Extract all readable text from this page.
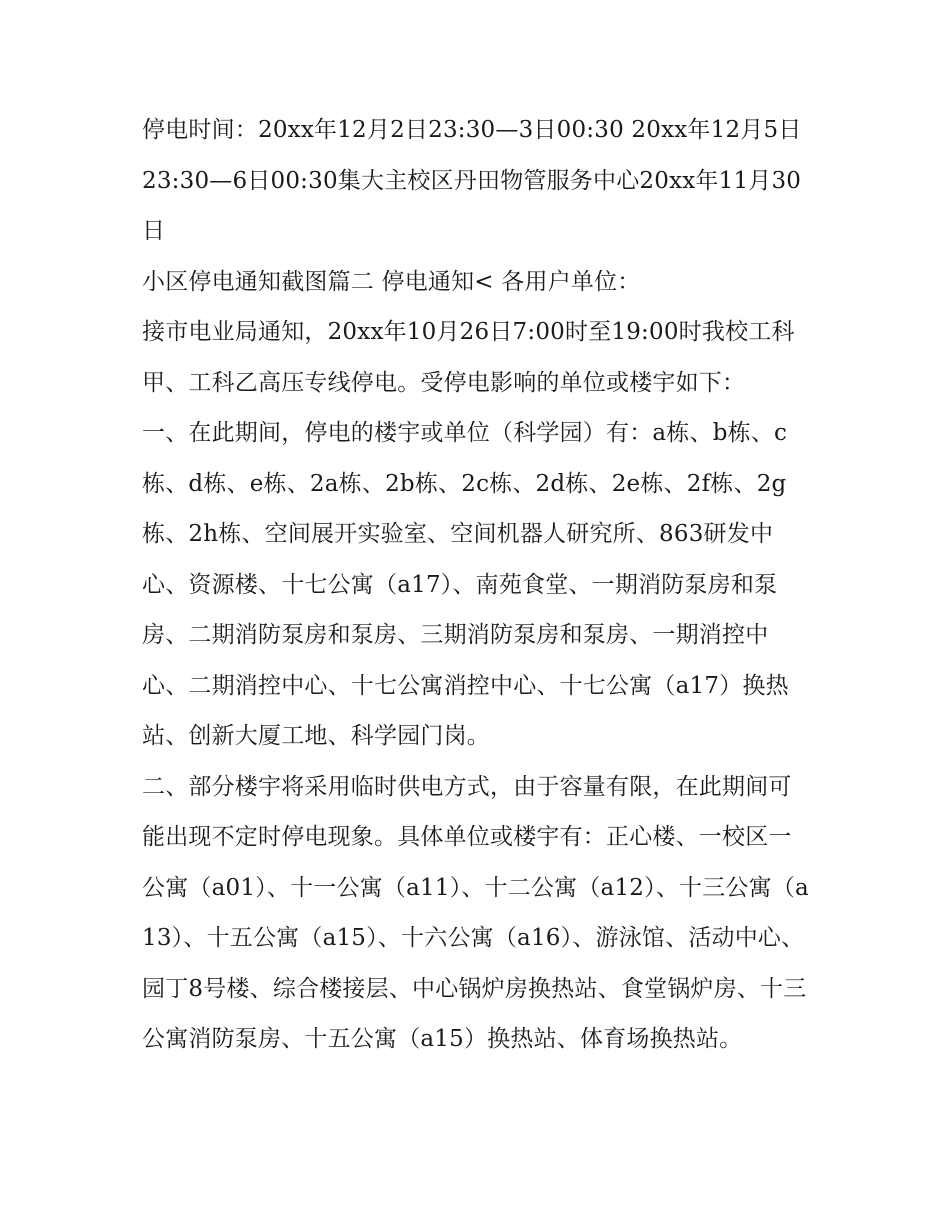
停电时间：20xx年12月2日23:30—3日00:30 20xx年12月5日23:30—6日00:30集大主校区丹田物管服务中心20xx年11月30日

小区停电通知截图篇二 停电通知< 各用户单位：

接市电业局通知，20xx年10月26日7:00时至19:00时我校工科甲、工科乙高压专线停电。受停电影响的单位或楼宇如下：

一、在此期间，停电的楼宇或单位（科学园）有：a栋、b栋、c栋、d栋、e栋、2a栋、2b栋、2c栋、2d栋、2e栋、2f栋、2g栋、2h栋、空间展开实验室、空间机器人研究所、863研发中心、资源楼、十七公寓（a17）、南苑食堂、一期消防泵房和泵房、二期消防泵房和泵房、三期消防泵房和泵房、一期消控中心、二期消控中心、十七公寓消控中心、十七公寓（a17）换热站、创新大厦工地、科学园门岗。

二、部分楼宇将采用临时供电方式，由于容量有限，在此期间可能出现不定时停电现象。具体单位或楼宇有：正心楼、一校区一公寓（a01）、十一公寓（a11）、十二公寓（a12）、十三公寓（a13）、十五公寓（a15）、十六公寓（a16）、游泳馆、活动中心、园丁8号楼、综合楼接层、中心锅炉房换热站、食堂锅炉房、十三公寓消防泵房、十五公寓（a15）换热站、体育场换热站。
